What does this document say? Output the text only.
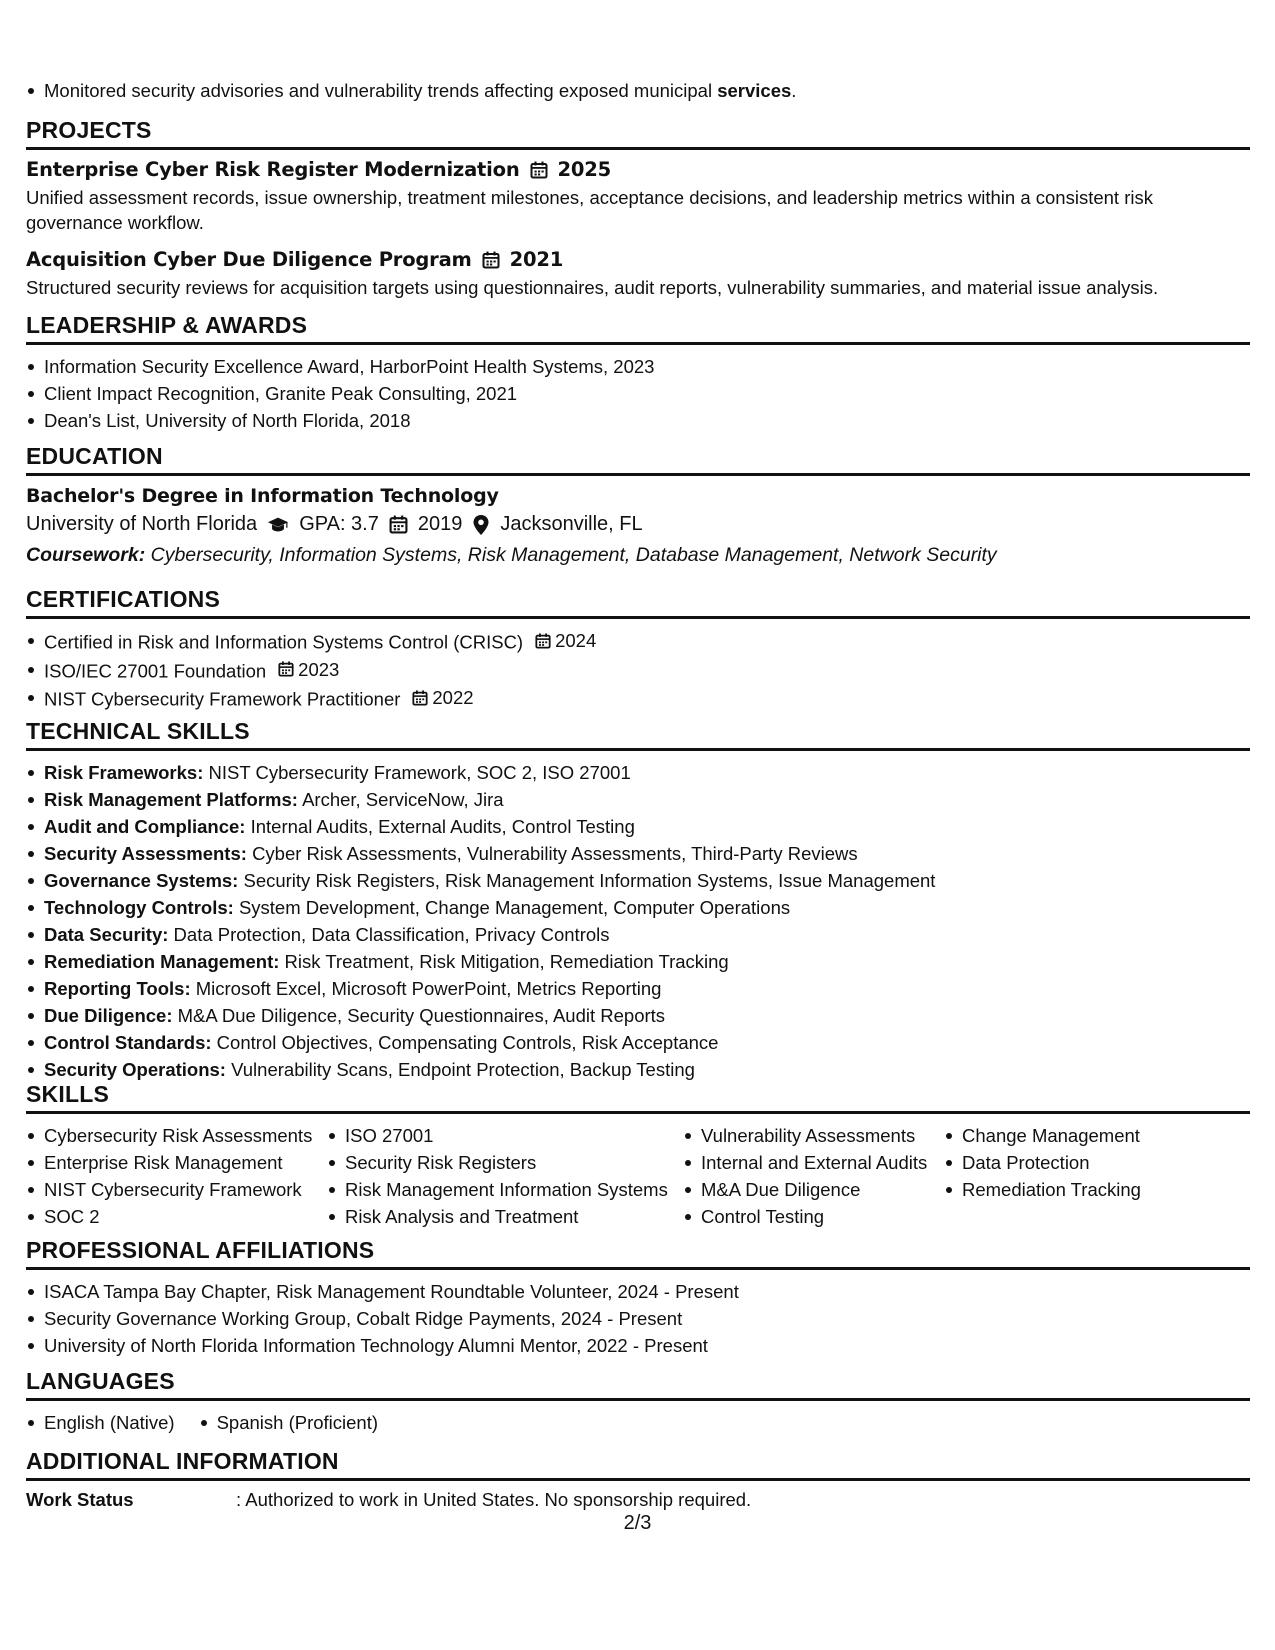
Monitored security advisories and vulnerability trends affecting exposed municipal services.
PROJECTS
Enterprise Cyber Risk Register Modernization 2025
Unified assessment records, issue ownership, treatment milestones, acceptance decisions, and leadership metrics within a consistent risk governance workflow.
Acquisition Cyber Due Diligence Program 2021
Structured security reviews for acquisition targets using questionnaires, audit reports, vulnerability summaries, and material issue analysis.
LEADERSHIP & AWARDS
Information Security Excellence Award, HarborPoint Health Systems, 2023
Client Impact Recognition, Granite Peak Consulting, 2021
Dean's List, University of North Florida, 2018
EDUCATION
Bachelor's Degree in Information Technology
University of North Florida GPA: 3.7 2019 Jacksonville, FL
Coursework: Cybersecurity, Information Systems, Risk Management, Database Management, Network Security
CERTIFICATIONS
Certified in Risk and Information Systems Control (CRISC) 2024
ISO/IEC 27001 Foundation 2023
NIST Cybersecurity Framework Practitioner 2022
TECHNICAL SKILLS
Risk Frameworks: NIST Cybersecurity Framework, SOC 2, ISO 27001
Risk Management Platforms: Archer, ServiceNow, Jira
Audit and Compliance: Internal Audits, External Audits, Control Testing
Security Assessments: Cyber Risk Assessments, Vulnerability Assessments, Third-Party Reviews
Governance Systems: Security Risk Registers, Risk Management Information Systems, Issue Management
Technology Controls: System Development, Change Management, Computer Operations
Data Security: Data Protection, Data Classification, Privacy Controls
Remediation Management: Risk Treatment, Risk Mitigation, Remediation Tracking
Reporting Tools: Microsoft Excel, Microsoft PowerPoint, Metrics Reporting
Due Diligence: M&A Due Diligence, Security Questionnaires, Audit Reports
Control Standards: Control Objectives, Compensating Controls, Risk Acceptance
Security Operations: Vulnerability Scans, Endpoint Protection, Backup Testing
SKILLS
Cybersecurity Risk Assessments
Enterprise Risk Management
NIST Cybersecurity Framework
SOC 2
ISO 27001
Security Risk Registers
Risk Management Information Systems
Risk Analysis and Treatment
Vulnerability Assessments
Internal and External Audits
M&A Due Diligence
Control Testing
Change Management
Data Protection
Remediation Tracking
PROFESSIONAL AFFILIATIONS
ISACA Tampa Bay Chapter, Risk Management Roundtable Volunteer, 2024 - Present
Security Governance Working Group, Cobalt Ridge Payments, 2024 - Present
University of North Florida Information Technology Alumni Mentor, 2022 - Present
LANGUAGES
English (Native) Spanish (Proficient)
ADDITIONAL INFORMATION
Work Status	: Authorized to work in United States. No sponsorship required.
2/3
